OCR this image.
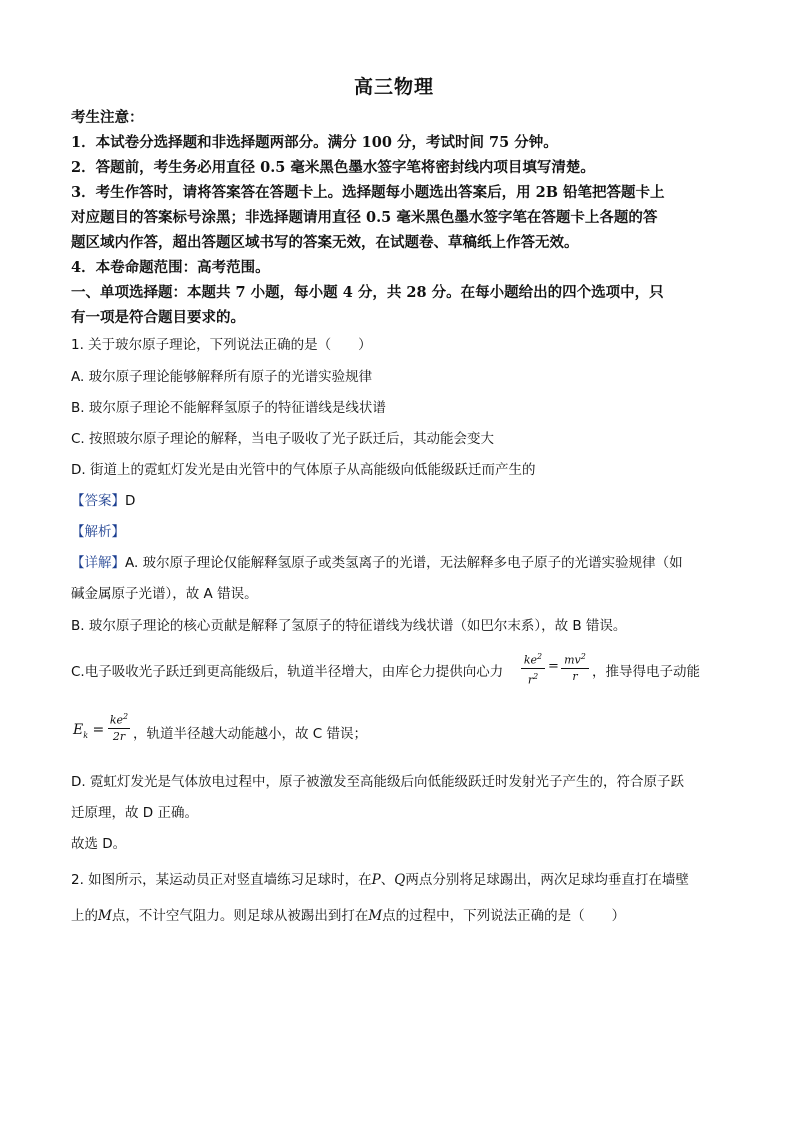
高三物理
考生注意：
1．本试卷分选择题和非选择题两部分。满分 100 分，考试时间 75 分钟。
2．答题前，考生务必用直径 0.5 毫米黑色墨水签字笔将密封线内项目填写清楚。
3．考生作答时，请将答案答在答题卡上。选择题每小题选出答案后，用 2B 铅笔把答题卡上
对应题目的答案标号涂黑；非选择题请用直径 0.5 毫米黑色墨水签字笔在答题卡上各题的答
题区域内作答，超出答题区域书写的答案无效，在试题卷、草稿纸上作答无效。
4．本卷命题范围：高考范围。
一、单项选择题：本题共 7 小题，每小题 4 分，共 28 分。在每小题给出的四个选项中，只
有一项是符合题目要求的。
1. 关于玻尔原子理论，下列说法正确的是（　　）
A. 玻尔原子理论能够解释所有原子的光谱实验规律
B. 玻尔原子理论不能解释氢原子的特征谱线是线状谱
C. 按照玻尔原子理论的解释，当电子吸收了光子跃迁后，其动能会变大
D. 街道上的霓虹灯发光是由光管中的气体原子从高能级向低能级跃迁而产生的
【答案】D
【解析】
【详解】A. 玻尔原子理论仅能解释氢原子或类氢离子的光谱，无法解释多电子原子的光谱实验规律（如
碱金属原子光谱），故 A 错误。
B. 玻尔原子理论的核心贡献是解释了氢原子的特征谱线为线状谱（如巴尔末系），故 B 错误。
C.电子吸收光子跃迁到更高能级后，轨道半径增大，由库仑力提供向心力
$ke^2$
$r^2$
= $mv^2$
r	，推导得电子动能
$E_k$ =
$ke^2$
2r ，轨道半径越大动能越小，故 C 错误；
D. 霓虹灯发光是气体放电过程中，原子被激发至高能级后向低能级跃迁时发射光子产生的，符合原子跃
迁原理，故 D 正确。
故选 D。
2. 如图所示，某运动员正对竖直墙练习足球时，在P、Q两点分别将足球踢出，两次足球均垂直打在墙壁
上的M点，不计空气阻力。则足球从被踢出到打在M点的过程中，下列说法正确的是（　　）
